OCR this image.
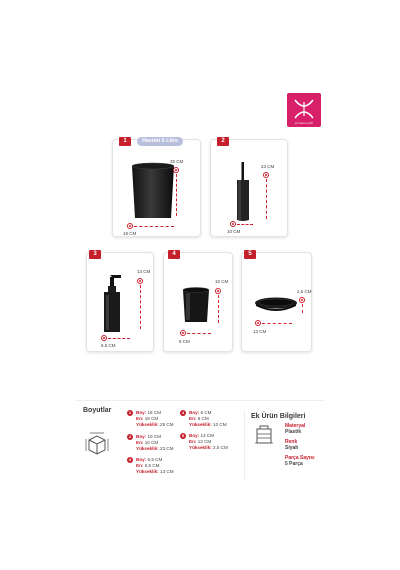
primanova®
1	Hacimi 6 Litre
25 CM
18 CM
2
23 CM
10 CM
3
13 CM
6,5 CM
4
10 CM
8 CM
5
2,5 CM
13 CM
Boyutlar	1	Boy: 18 CM
En: 18 CM
Yükseklik: 25 CM
2	Boy: 10 CM
En: 10 CM
Yükseklik: 23 CM
3	Boy: 6,5 CM
En: 6,5 CM
Yükseklik: 13 CM
4	Boy: 8 CM
En: 8 CM
Yükseklik: 10 CM
5	Boy: 13 CM
En: 13 CM
Yükseklik: 2,5 CM
Ek Ürün Bilgileri
Materyal
Plastik
Renk
Siyah
Parça Sayısı
5 Parça
